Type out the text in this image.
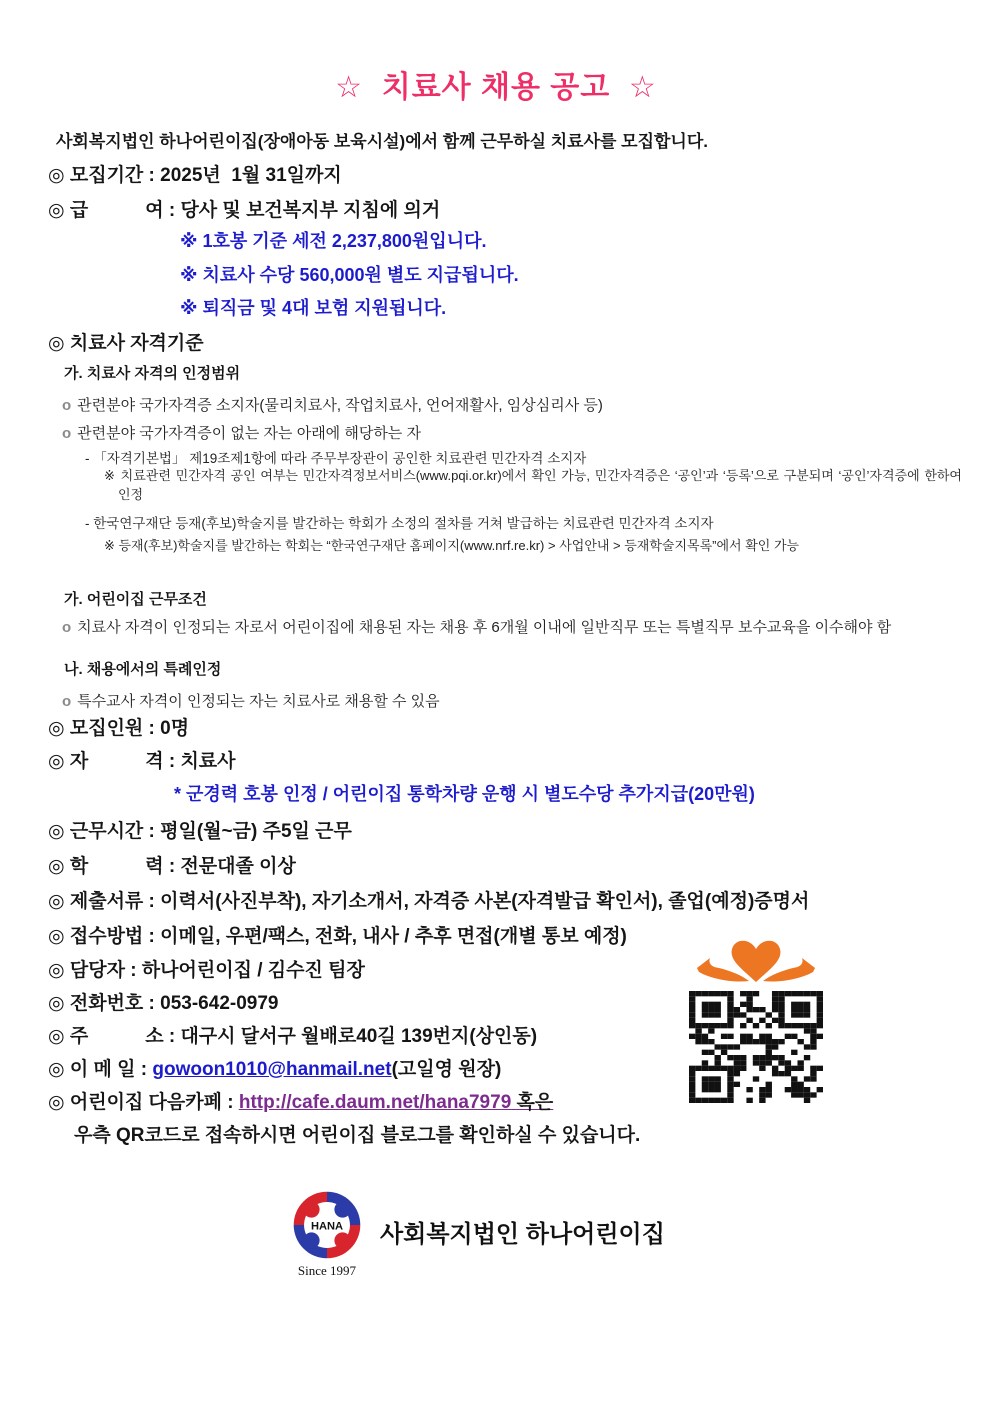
☆  치료사 채용 공고  ☆
사회복지법인 하나어린이집(장애아동 보육시설)에서 함께 근무하실 치료사를 모집합니다.
◎ 모집기간 : 2025년  1월 31일까지
◎ 급　　　여 : 당사 및 보건복지부 지침에 의거
※ 1호봉 기준 세전 2,237,800원입니다.
※ 치료사 수당 560,000원 별도 지급됩니다.
※ 퇴직금 및 4대 보험 지원됩니다.
◎ 치료사 자격기준
가. 치료사 자격의 인정범위
o 관련분야 국가자격증 소지자(물리치료사, 작업치료사, 언어재활사, 임상심리사 등)
o 관련분야 국가자격증이 없는 자는 아래에 해당하는 자
- 「자격기본법」 제19조제1항에 따라 주무부장관이 공인한 치료관련 민간자격 소지자
※ 치료관련 민간자격 공인 여부는 민간자격정보서비스(www.pqi.or.kr)에서 확인 가능, 민간자격증은 ‘공인’과 ‘등록’으로 구분되며 ‘공인’자격증에 한하여 인정
- 한국연구재단 등재(후보)학술지를 발간하는 학회가 소정의 절차를 거쳐 발급하는 치료관련 민간자격 소지자
※ 등재(후보)학술지를 발간하는 학회는 “한국연구재단 홈페이지(www.nrf.re.kr) > 사업안내 > 등재학술지목록”에서 확인 가능
가. 어린이집 근무조건
o 치료사 자격이 인정되는 자로서 어린이집에 채용된 자는 채용 후 6개월 이내에 일반직무 또는 특별직무 보수교육을 이수해야 함
나. 채용에서의 특례인정
o 특수교사 자격이 인정되는 자는 치료사로 채용할 수 있음
◎ 모집인원 : 0명
◎ 자　　　격 : 치료사
* 군경력 호봉 인정 / 어린이집 통학차량 운행 시 별도수당 추가지급(20만원)
◎ 근무시간 : 평일(월~금) 주5일 근무
◎ 학　　　력 : 전문대졸 이상
◎ 제출서류 : 이력서(사진부착), 자기소개서, 자격증 사본(자격발급 확인서), 졸업(예정)증명서
◎ 접수방법 : 이메일, 우편/팩스, 전화, 내사 / 추후 면접(개별 통보 예정)
◎ 담당자 : 하나어린이집 / 김수진 팀장
◎ 전화번호 : 053-642-0979
◎ 주　　　소 : 대구시 달서구 월배로40길 139번지(상인동)
◎ 이 메 일 : gowoon1010@hanmail.net(고일영 원장)
◎ 어린이집 다음카페 : http://cafe.daum.net/hana7979 혹은
우측 QR코드로 접속하시면 어린이집 블로그를 확인하실 수 있습니다.
HANA
Since 1997
사회복지법인 하나어린이집
